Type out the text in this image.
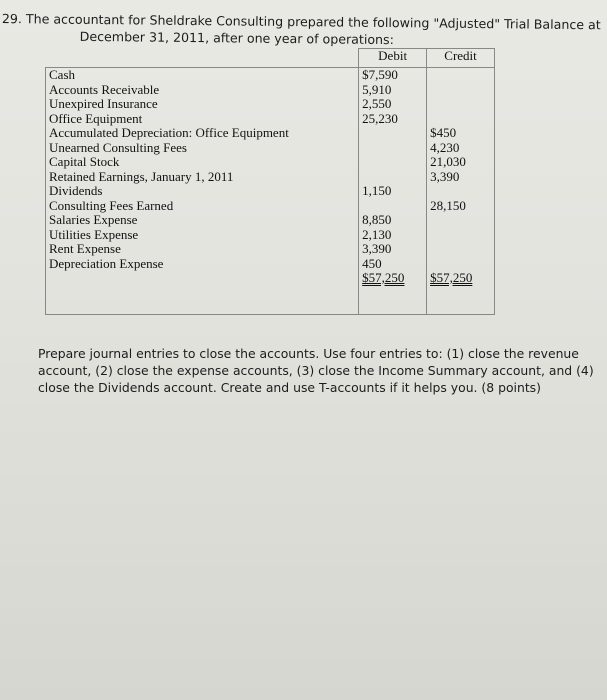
29. The accountant for Sheldrake Consulting prepared the following "Adjusted" Trial Balance at
December 31, 2011, after one year of operations:
	Debit	Credit
Cash	$7,590	
Accounts Receivable	5,910	
Unexpired Insurance	2,550	
Office Equipment	25,230	
Accumulated Depreciation: Office Equipment		$450
Unearned Consulting Fees		4,230
Capital Stock		21,030
Retained Earnings, January 1, 2011		3,390
Dividends	1,150	
Consulting Fees Earned		28,150
Salaries Expense	8,850	
Utilities Expense	2,130	
Rent Expense	3,390	
Depreciation Expense	450	
	$57,250	$57,250

Prepare journal entries to close the accounts. Use four entries to: (1) close the revenue account, (2) close the expense accounts, (3) close the Income Summary account, and (4) close the Dividends account. Create and use T-accounts if it helps you. (8 points)
